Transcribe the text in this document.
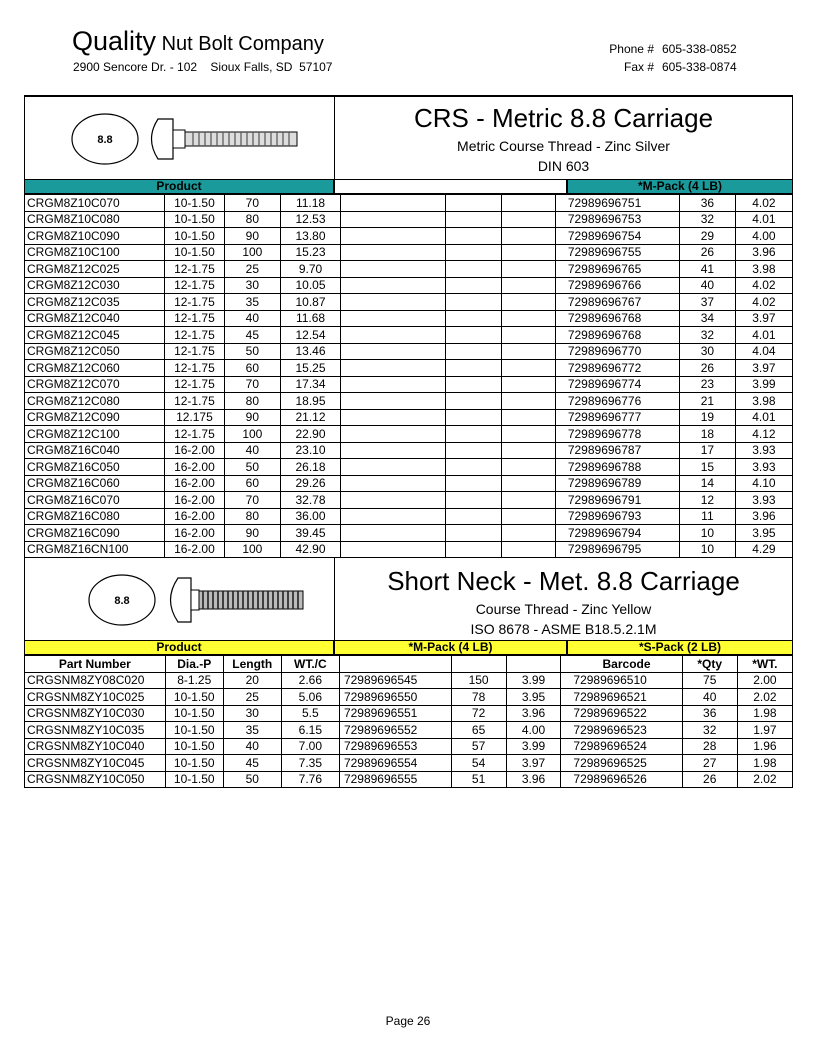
Quality Nut Bolt Company
2900 Sencore Dr. - 102    Sioux Falls, SD  57107
Phone # 605-338-0852
Fax # 605-338-0874
8.8
CRS - Metric 8.8 Carriage
Metric Course Thread - Zinc Silver
DIN 603
Product	*M-Pack (4 LB)
CRGM8Z10C070	10-1.50	70	11.18				72989696751	36	4.02
CRGM8Z10C080	10-1.50	80	12.53				72989696753	32	4.01
CRGM8Z10C090	10-1.50	90	13.80				72989696754	29	4.00
CRGM8Z10C100	10-1.50	100	15.23				72989696755	26	3.96
CRGM8Z12C025	12-1.75	25	9.70				72989696765	41	3.98
CRGM8Z12C030	12-1.75	30	10.05				72989696766	40	4.02
CRGM8Z12C035	12-1.75	35	10.87				72989696767	37	4.02
CRGM8Z12C040	12-1.75	40	11.68				72989696768	34	3.97
CRGM8Z12C045	12-1.75	45	12.54				72989696768	32	4.01
CRGM8Z12C050	12-1.75	50	13.46				72989696770	30	4.04
CRGM8Z12C060	12-1.75	60	15.25				72989696772	26	3.97
CRGM8Z12C070	12-1.75	70	17.34				72989696774	23	3.99
CRGM8Z12C080	12-1.75	80	18.95				72989696776	21	3.98
CRGM8Z12C090	12.175	90	21.12				72989696777	19	4.01
CRGM8Z12C100	12-1.75	100	22.90				72989696778	18	4.12
CRGM8Z16C040	16-2.00	40	23.10				72989696787	17	3.93
CRGM8Z16C050	16-2.00	50	26.18				72989696788	15	3.93
CRGM8Z16C060	16-2.00	60	29.26				72989696789	14	4.10
CRGM8Z16C070	16-2.00	70	32.78				72989696791	12	3.93
CRGM8Z16C080	16-2.00	80	36.00				72989696793	11	3.96
CRGM8Z16C090	16-2.00	90	39.45				72989696794	10	3.95
CRGM8Z16CN100	16-2.00	100	42.90				72989696795	10	4.29
8.8
Short Neck - Met. 8.8 Carriage
Course Thread - Zinc Yellow
ISO 8678 - ASME B18.5.2.1M
Product	*M-Pack (4 LB)	*S-Pack (2 LB)
Part Number	Dia.-P	Length	WT./C				Barcode	*Qty	*WT.
CRGSNM8ZY08C020	8-1.25	20	2.66	72989696545	150	3.99	72989696510	75	2.00
CRGSNM8ZY10C025	10-1.50	25	5.06	72989696550	78	3.95	72989696521	40	2.02
CRGSNM8ZY10C030	10-1.50	30	5.5	72989696551	72	3.96	72989696522	36	1.98
CRGSNM8ZY10C035	10-1.50	35	6.15	72989696552	65	4.00	72989696523	32	1.97
CRGSNM8ZY10C040	10-1.50	40	7.00	72989696553	57	3.99	72989696524	28	1.96
CRGSNM8ZY10C045	10-1.50	45	7.35	72989696554	54	3.97	72989696525	27	1.98
CRGSNM8ZY10C050	10-1.50	50	7.76	72989696555	51	3.96	72989696526	26	2.02
Page 26
